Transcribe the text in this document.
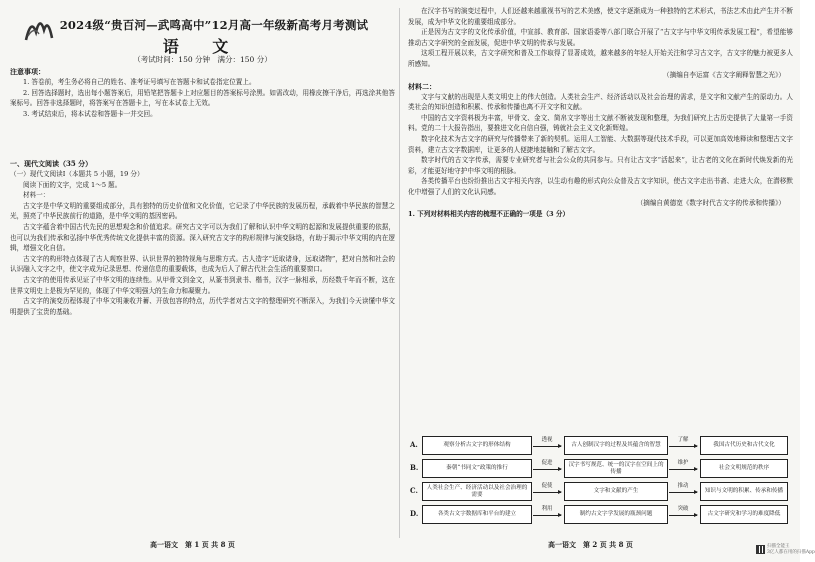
2024级“贵百河—武鸣高中”12月高一年级新高考月考测试
语 文
（考试时间：150 分钟　满分：150 分）
注意事项：
1. 答卷前，考生务必将自己的姓名、准考证号填写在答题卡和试卷指定位置上。
2. 回答选择题时，选出每小题答案后，用铅笔把答题卡上对应题目的答案标号涂黑。如需改动，用橡皮擦干净后，再选涂其他答案标号。回答非选择题时，将答案写在答题卡上，写在本试卷上无效。
3. 考试结束后，将本试卷和答题卡一并交回。
一、现代文阅读（35 分）
（一）现代文阅读Ⅰ（本题共 5 小题，19 分）
阅读下面的文字，完成 1～5 题。
材料一：
古文字是中华文明的重要组成部分，具有独特的历史价值和文化价值，它记录了中华民族的发展历程，承载着中华民族的智慧之光，照亮了中华民族前行的道路，是中华文明的基因密码。
古文字蕴含着中国古代先民的思想观念和价值追求。研究古文字可以为我们了解和认识中华文明的起源和发展提供重要的依据，也可以为我们传承和弘扬中华优秀传统文化提供丰富的资源。深入研究古文字的构形规律与演变脉络，有助于揭示中华文明的内在逻辑，增强文化自信。
古文字的构形特点体现了古人观察世界、认识世界的独特视角与思维方式。古人造字“近取诸身，远取诸物”，把对自然和社会的认识融入文字之中，使文字成为记录思想、传递信息的重要载体，也成为后人了解古代社会生活的重要窗口。
古文字的使用传承见证了中华文明的连续性。从甲骨文到金文，从篆书到隶书、楷书，汉字一脉相承，历经数千年而不断，这在世界文明史上是极为罕见的，体现了中华文明强大的生命力和凝聚力。
古文字的演变历程体现了中华文明兼收并蓄、开放包容的特点，历代学者对古文字的整理研究不断深入，为我们今天读懂中华文明提供了宝贵的基础。
在汉字书写的演变过程中，人们还越来越重视书写的艺术美感，使文字逐渐成为一种独特的艺术形式，书法艺术由此产生并不断发展，成为中华文化的重要组成部分。
正是因为古文字的文化传承价值，中宣部、教育部、国家语委等八部门联合开展了“古文字与中华文明传承发展工程”，希望能够推动古文字研究的全面发展，促进中华文明的传承与发展。
这项工程开展以来，古文字研究和普及工作取得了显著成效，越来越多的年轻人开始关注和学习古文字，古文字的魅力被更多人所感知。
（摘编自李运富《古文字阐释智慧之光》）
材料二：
文字与文献的出现是人类文明史上的伟大创造。人类社会生产、经济活动以及社会治理的需求，是文字和文献产生的原动力。人类社会的知识创造和积累、传承和传播也离不开文字和文献。
中国的古文字资料极为丰富，甲骨文、金文、简帛文字等出土文献不断被发现和整理，为我们研究上古历史提供了大量第一手资料。党的二十大报告指出，要推进文化自信自强，铸就社会主义文化新辉煌。
数字化技术为古文字的研究与传播带来了新的契机。运用人工智能、大数据等现代技术手段，可以更加高效地释读和整理古文字资料，建立古文字数据库，让更多的人便捷地接触和了解古文字。
数字时代的古文字传承，需要专业研究者与社会公众的共同参与。只有让古文字“活起来”，让古老的文化在新时代焕发新的光彩，才能更好地守护中华文明的根脉。
各类传播平台也纷纷推出古文字相关内容，以生动有趣的形式向公众普及古文字知识，使古文字走出书斋、走进大众，在潜移默化中增强了人们的文化认同感。
（摘编自黄德宽《数字时代古文字的传承和传播》）
1. 下列对材料相关内容的梳理不正确的一项是（3 分）
A.	观察分析古文字的形体结构
透视
古人创制汉字的过程及其蕴含的智慧
了解
我国古代历史和古代文化
B.	秦朝“书同文”政策的推行
促进	汉字书写规范、统一的汉字在空间上的传播
维护
社会文明规范的秩序
C.	人类社会生产、经济活动以及社会治理的需要
促使
文字和文献的产生
推动
知识与文明的积累、传承和传播
D.	各类古文字数据库和平台的建立
利用
制约古文字学发展的瓶颈问题
突破
古文字研究和学习的难度降低
高一语文　第 1 页 共 8 页	高一语文　第 2 页 共 8 页	扫描全能王
3亿人都在用的扫描App
